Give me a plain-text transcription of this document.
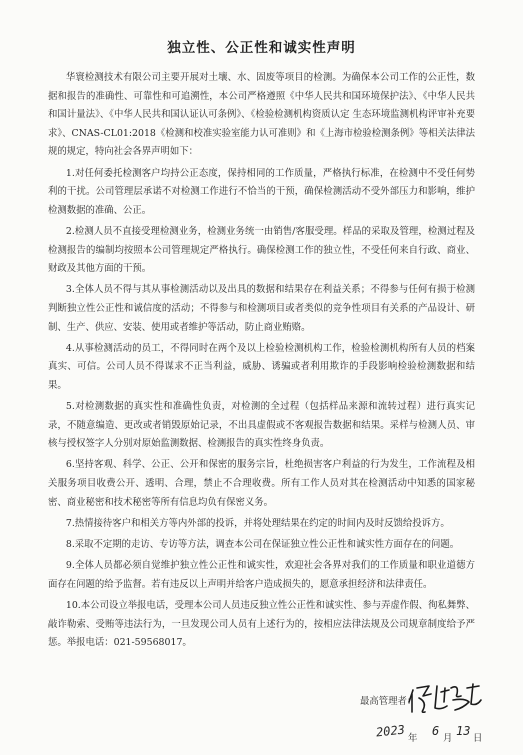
独立性、公正性和诚实性声明

华寰检测技术有限公司主要开展对土壤、水、固废等项目的检测。为确保本公司工作的公正性，数据和报告的准确性、可靠性和可追溯性，本公司严格遵照《中华人民共和国环境保护法》、《中华人民共和国计量法》、《中华人民共和国认证认可条例》、《检验检测机构资质认定 生态环境监测机构评审补充要求》、CNAS-CL01:2018《检测和校准实验室能力认可准则》和《上海市检验检测条例》等相关法律法规的规定，特向社会各界声明如下：

1.对任何委托检测客户均持公正态度，保持相同的工作质量，严格执行标准，在检测中不受任何势利的干扰。公司管理层承诺不对检测工作进行不恰当的干预，确保检测活动不受外部压力和影响，维护检测数据的准确、公正。

2.检测人员不直接受理检测业务，检测业务统一由销售/客服受理。样品的采取及管理，检测过程及检测报告的编制均按照本公司管理规定严格执行。确保检测工作的独立性，不受任何来自行政、商业、财政及其他方面的干预。

3.全体人员不得与其从事检测活动以及出具的数据和结果存在利益关系；不得参与任何有损于检测判断独立性公正性和诚信度的活动；不得参与和检测项目或者类似的竞争性项目有关系的产品设计、研制、生产、供应、安装、使用或者维护等活动，防止商业贿赂。

4.从事检测活动的员工，不得同时在两个及以上检验检测机构工作，检验检测机构所有人员的档案真实、可信。公司人员不得谋求不正当利益，威胁、诱骗或者利用欺诈的手段影响检验检测数据和结果。

5.对检测数据的真实性和准确性负责，对检测的全过程（包括样品来源和流转过程）进行真实记录，不随意编造、更改或者销毁原始记录，不出具虚假或不客观报告数据和结果。采样与检测人员、审核与授权签字人分别对原始监测数据、检测报告的真实性终身负责。

6.坚持客观、科学、公正、公开和保密的服务宗旨，杜绝损害客户利益的行为发生，工作流程及相关服务项目收费公开、透明、合理，禁止不合理收费。所有工作人员对其在检测活动中知悉的国家秘密、商业秘密和技术秘密等所有信息均负有保密义务。

7.热情接待客户和相关方等内外部的投诉，并将处理结果在约定的时间内及时反馈给投诉方。

8.采取不定期的走访、专访等方法，调查本公司在保证独立性公正性和诚实性方面存在的问题。

9.全体人员都必须自觉维护独立性公正性和诚实性，欢迎社会各界对我们的工作质量和职业道德方面存在问题的给予监督。若有违反以上声明并给客户造成损失的，愿意承担经济和法律责任。

10.本公司设立举报电话，受理本公司人员违反独立性公正性和诚实性、参与弄虚作假、徇私舞弊、敲诈勒索、受贿等违法行为，一旦发现公司人员有上述行为的，按相应法律法规及公司规章制度给予严惩。举报电话：021-59568017。

最高管理者：
2023 年
6
月
13
日
